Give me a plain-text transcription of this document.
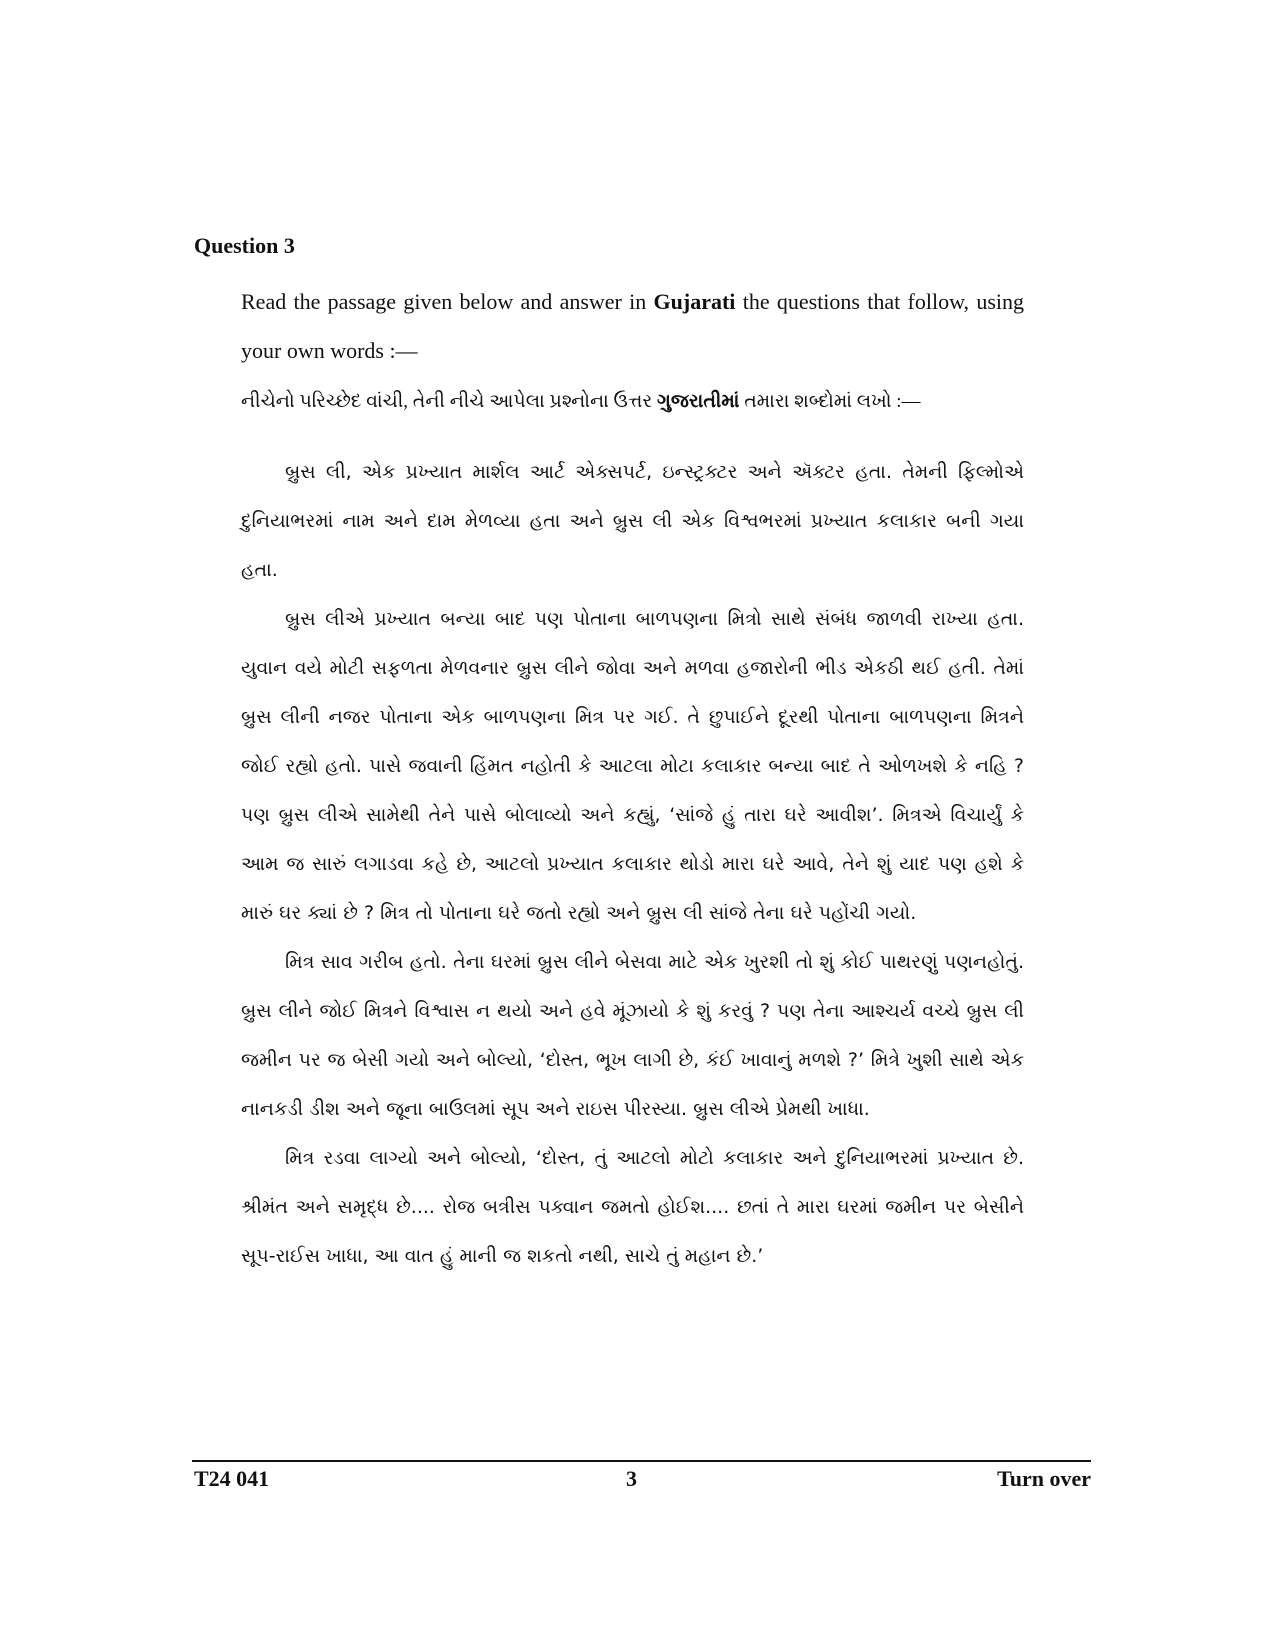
Question 3

Read the passage given below and answer in Gujarati the questions that follow, using your own words :—

નીચેનો પરિચ્છેદ વાંચી, તેની નીચે આપેલા પ્રશ્નોના ઉત્તર ગુજરાતીમાં તમારા શબ્દોમાં લખો :—

બ્રુસ લી, એક પ્રખ્યાત માર્શલ આર્ટ એક્સપર્ટ, ઇન્સ્ટ્રક્ટર અને ઍક્ટર હતા. તેમની ફિલ્મોએ દુનિયાભરમાં નામ અને દામ મેળવ્યા હતા અને બ્રુસ લી એક વિશ્વભરમાં પ્રખ્યાત કલાકાર બની ગયા હતા.

બ્રુસ લીએ પ્રખ્યાત બન્યા બાદ પણ પોતાના બાળપણના મિત્રો સાથે સંબંધ જાળવી રાખ્યા હતા. યુવાન વયે મોટી સફળતા મેળવનાર બ્રુસ લીને જોવા અને મળવા હજારોની ભીડ એકઠી થઈ હતી. તેમાં બ્રુસ લીની નજર પોતાના એક બાળપણના મિત્ર પર ગઈ. તે છુપાઈને દૂરથી પોતાના બાળપણના મિત્રને જોઈ રહ્યો હતો. પાસે જવાની હિંમત નહોતી કે આટલા મોટા કલાકાર બન્યા બાદ તે ઓળખશે કે નહિ ? પણ બ્રુસ લીએ સામેથી તેને પાસે બોલાવ્યો અને કહ્યું, ‘સાંજે હું તારા ઘરે આવીશ’. મિત્રએ વિચાર્યું કે આમ જ સારું લગાડવા કહે છે, આટલો પ્રખ્યાત કલાકાર થોડો મારા ઘરે આવે, તેને શું યાદ પણ હશે કે મારું ઘર ક્યાં છે ? મિત્ર તો પોતાના ઘરે જતો રહ્યો અને બ્રુસ લી સાંજે તેના ઘરે પહોંચી ગયો.

મિત્ર સાવ ગરીબ હતો. તેના ઘરમાં બ્રુસ લીને બેસવા માટે એક ખુરશી તો શું કોઈ પાથરણું પણનહોતું. બ્રુસ લીને જોઈ મિત્રને વિશ્વાસ ન થયો અને હવે મૂંઝાયો કે શું કરવું ? પણ તેના આશ્ચર્ય વચ્ચે બ્રુસ લી જમીન પર જ બેસી ગયો અને બોલ્યો, ‘દોસ્ત, ભૂખ લાગી છે, કંઈ ખાવાનું મળશે ?’ મિત્રે ખુશી સાથે એક નાનકડી ડીશ અને જૂના બાઉલમાં સૂપ અને રાઇસ પીરસ્યા. બ્રુસ લીએ પ્રેમથી ખાધા.

મિત્ર રડવા લાગ્યો અને બોલ્યો, ‘દોસ્ત, તું આટલો મોટો કલાકાર અને દુનિયાભરમાં પ્રખ્યાત છે. શ્રીમંત અને સમૃદ્ધ છે.... રોજ બત્રીસ પક્વાન જમતો હોઈશ.... છતાં તે મારા ઘરમાં જમીન પર બેસીને સૂપ-રાઈસ ખાધા, આ વાત હું માની જ શકતો નથી, સાચે તું મહાન છે.’

T24 041	3	Turn over
